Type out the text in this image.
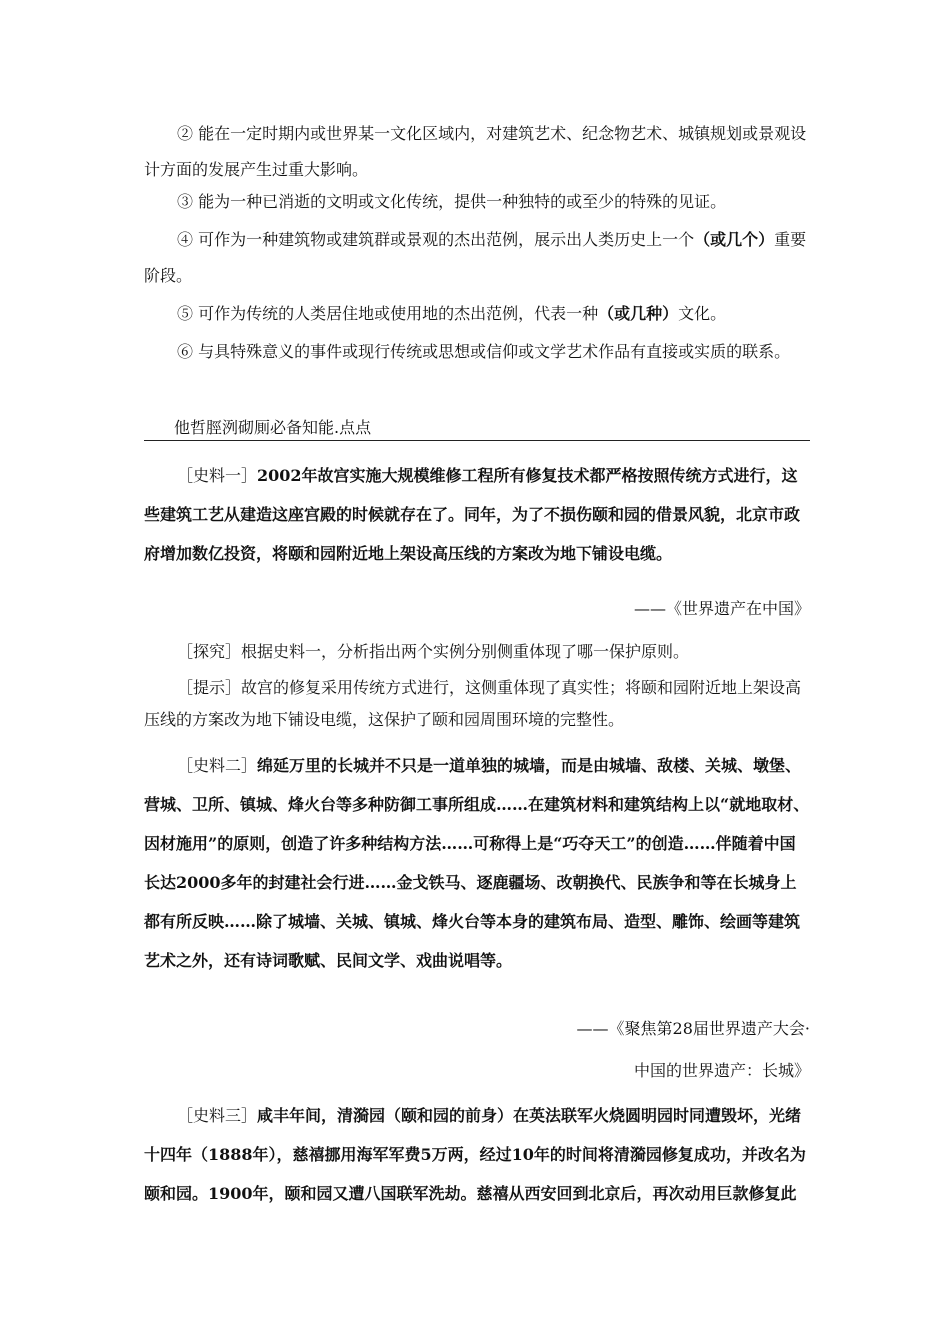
② 能在一定时期内或世界某一文化区域内，对建筑艺术、纪念物艺术、城镇规划或景观设计方面的发展产生过重大影响。

③ 能为一种已消逝的文明或文化传统，提供一种独特的或至少的特殊的见证。

④ 可作为一种建筑物或建筑群或景观的杰出范例，展示出人类历史上一个（或几个）重要阶段。

⑤ 可作为传统的人类居住地或使用地的杰出范例，代表一种（或几种）文化。

⑥ 与具特殊意义的事件或现行传统或思想或信仰或文学艺术作品有直接或实质的联系。

他哲脛洌砌厠必备知能.点点

［史料一］2002年故宫实施大规模维修工程所有修复技术都严格按照传统方式进行，这些建筑工艺从建造这座宫殿的时候就存在了。同年，为了不损伤颐和园的借景风貌，北京市政府增加数亿投资，将颐和园附近地上架设高压线的方案改为地下铺设电缆。

——《世界遗产在中国》

［探究］根据史料一，分析指出两个实例分别侧重体现了哪一保护原则。

［提示］故宫的修复采用传统方式进行，这侧重体现了真实性；将颐和园附近地上架设高压线的方案改为地下铺设电缆，这保护了颐和园周围环境的完整性。

［史料二］绵延万里的长城并不只是一道单独的城墙，而是由城墙、敌楼、关城、墩堡、营城、卫所、镇城、烽火台等多种防御工事所组成……在建筑材料和建筑结构上以“就地取材、因材施用”的原则，创造了许多种结构方法……可称得上是“巧夺天工”的创造……伴随着中国长达2000多年的封建社会行进……金戈铁马、逐鹿疆场、改朝换代、民族争和等在长城身上都有所反映……除了城墙、关城、镇城、烽火台等本身的建筑布局、造型、雕饰、绘画等建筑艺术之外，还有诗词歌赋、民间文学、戏曲说唱等。

——《聚焦第28届世界遗产大会·

中国的世界遗产：长城》

［史料三］咸丰年间，清漪园（颐和园的前身）在英法联军火烧圆明园时同遭毁坏，光绪十四年（1888年），慈禧挪用海军军费5万两，经过10年的时间将清漪园修复成功，并改名为颐和园。1900年，颐和园又遭八国联军洗劫。慈禧从西安回到北京后，再次动用巨款修复此
